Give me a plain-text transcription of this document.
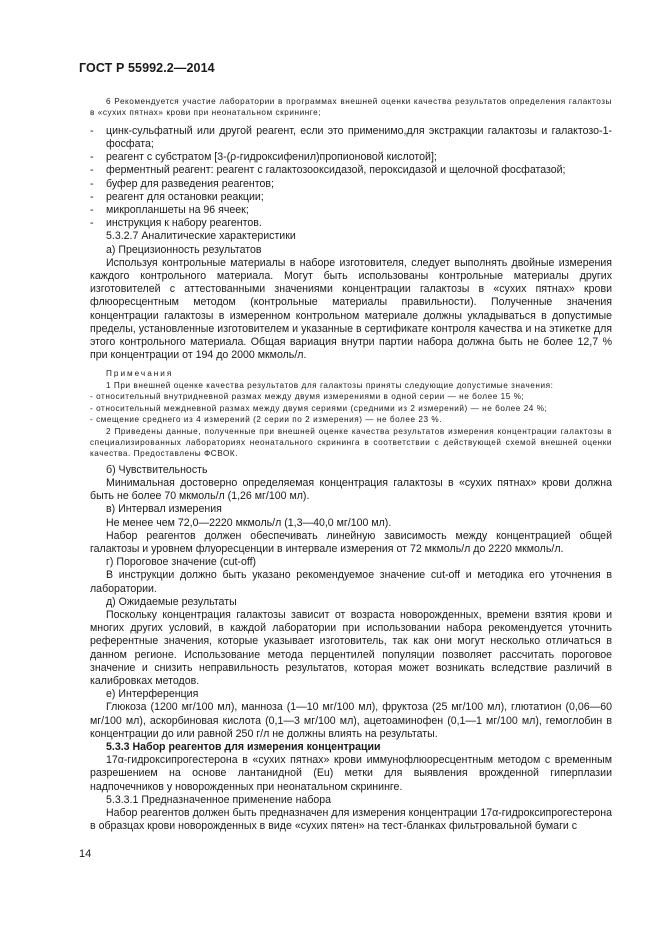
ГОСТ Р 55992.2—2014

6 Рекомендуется участие лаборатории в программах внешней оценки качества результатов определения галактозы в «сухих пятнах» крови при неонатальном скрининге;

- цинк-сульфатный или другой реагент, если это применимо,для экстракции галактозы и галактозо-1-фосфата;

- реагент с субстратом [3-(ρ-гидроксифенил)пропионовой кислотой];

- ферментный реагент: реагент с галактозооксидазой, пероксидазой и щелочной фосфатазой;

- буфер для разведения реагентов;

- реагент для остановки реакции;

- микропланшеты на 96 ячеек;

- инструкция к набору реагентов.

5.3.2.7 Аналитические характеристики

а) Прецизионность результатов

Используя контрольные материалы в наборе изготовителя, следует выполнять двойные измерения каждого контрольного материала. Могут быть использованы контрольные материалы других изготовителей с аттестованными значениями концентрации галактозы в «сухих пятнах» крови флюоресцентным методом (контрольные материалы правильности). Полученные значения концентрации галактозы в измеренном контрольном материале должны укладываться в допустимые пределы, установленные изготовителем и указанные в сертификате контроля качества и на этикетке для этого контрольного материала. Общая вариация внутри партии набора должна быть не более 12,7 % при концентрации от 194 до 2000 мкмоль/л.

Примечания

1 При внешней оценке качества результатов для галактозы приняты следующие допустимые значения:

- относительный внутридневной размах между двумя измерениями в одной серии — не более 15 %;

- относительный междневной размах между двумя сериями (средними из 2 измерений) — не более 24 %;

- смещение среднего из 4 измерений (2 серии по 2 измерения) — не более 23 %.

2 Приведены данные, полученные при внешней оценке качества результатов измерения концентрации галактозы в специализированных лабораториях неонатального скрининга в соответствии с действующей схемой внешней оценки качества. Предоставлены ФСВОК.

б) Чувствительность

Минимальная достоверно определяемая концентрация галактозы в «сухих пятнах» крови должна быть не более 70 мкмоль/л (1,26 мг/100 мл).

в) Интервал измерения

Не менее чем 72,0—2220 мкмоль/л (1,3—40,0 мг/100 мл).

Набор реагентов должен обеспечивать линейную зависимость между концентрацией общей галактозы и уровнем флуоресценции в интервале измерения от 72 мкмоль/л до 2220 мкмоль/л.

г) Пороговое значение (cut-off)

В инструкции должно быть указано рекомендуемое значение cut-off и методика его уточнения в лаборатории.

д) Ожидаемые результаты

Поскольку концентрация галактозы зависит от возраста новорожденных, времени взятия крови и многих других условий, в каждой лаборатории при использовании набора рекомендуется уточнить референтные значения, которые указывает изготовитель, так как они могут несколько отличаться в данном регионе. Использование метода перцентилей популяции позволяет рассчитать пороговое значение и снизить неправильность результатов, которая может возникать вследствие различий в калибровках методов.

е) Интерференция

Глюкоза (1200 мг/100 мл), манноза (1—10 мг/100 мл), фруктоза (25 мг/100 мл), глютатион (0,06—60 мг/100 мл), аскорбиновая кислота (0,1—3 мг/100 мл), ацетоаминофен (0,1—1 мг/100 мл), гемоглобин в концентрации до или равной 250 г/л не должны влиять на результаты.

5.3.3 Набор реагентов для измерения концентрации

17α-гидроксипрогестерона в «сухих пятнах» крови иммунофлюоресцентным методом с временным разрешением на основе лантанидной (Eu) метки для выявления врожденной гиперплазии надпочечников у новорожденных при неонатальном скрининге.

5.3.3.1 Предназначенное применение набора

Набор реагентов должен быть предназначен для измерения концентрации 17α-гидроксипрогестерона в образцах крови новорожденных в виде «сухих пятен» на тест-бланках фильтровальной бумаги с

14
